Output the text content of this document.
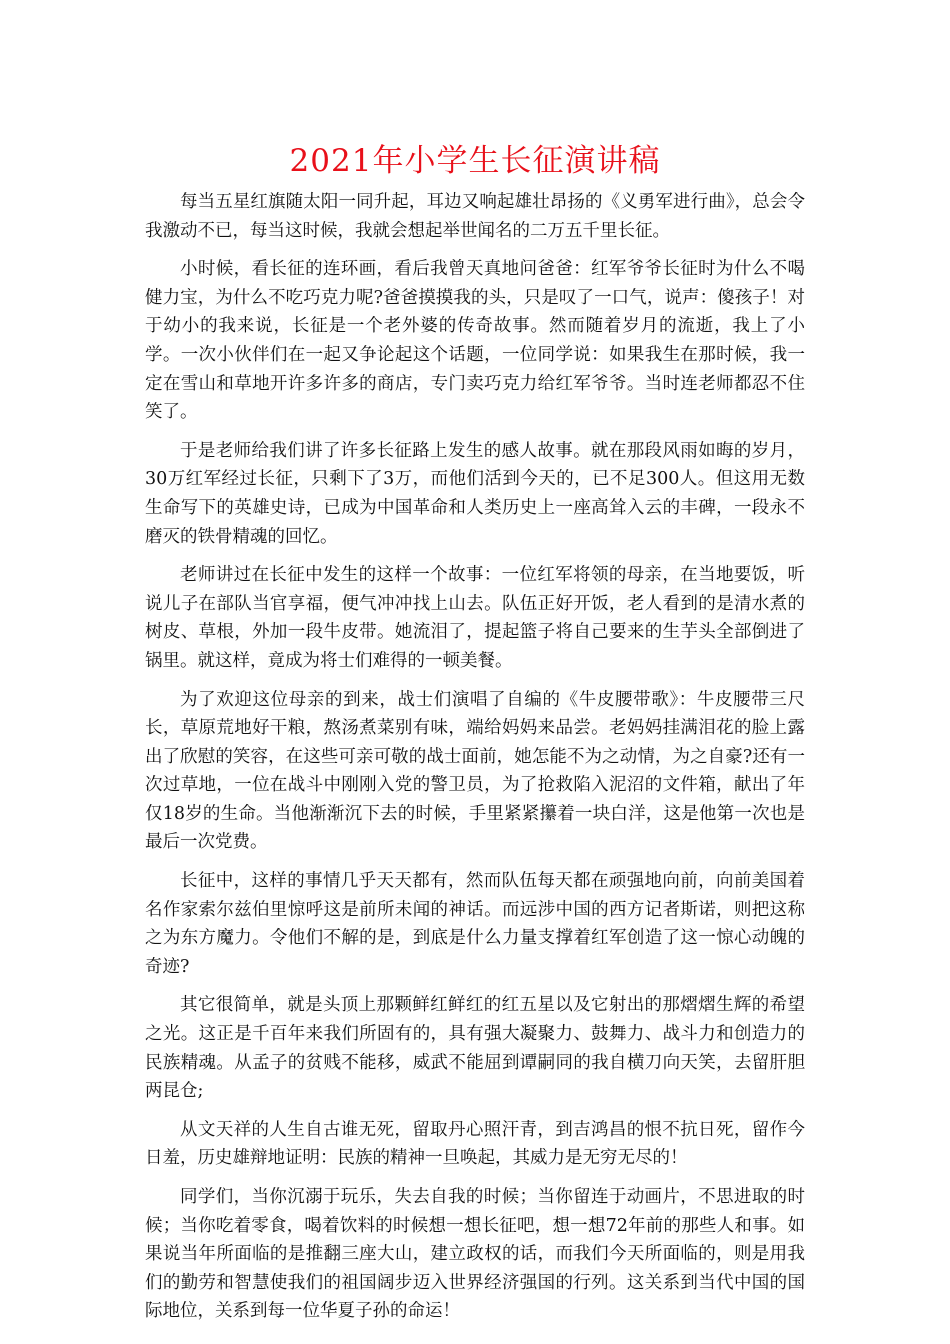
2021年小学生长征演讲稿

每当五星红旗随太阳一同升起，耳边又响起雄壮昂扬的《义勇军进行曲》，总会令我激动不已，每当这时候，我就会想起举世闻名的二万五千里长征。

小时候，看长征的连环画，看后我曾天真地问爸爸：红军爷爷长征时为什么不喝健力宝，为什么不吃巧克力呢?爸爸摸摸我的头，只是叹了一口气，说声：傻孩子！对于幼小的我来说，长征是一个老外婆的传奇故事。然而随着岁月的流逝，我上了小学。一次小伙伴们在一起又争论起这个话题，一位同学说：如果我生在那时候，我一定在雪山和草地开许多许多的商店，专门卖巧克力给红军爷爷。当时连老师都忍不住笑了。

于是老师给我们讲了许多长征路上发生的感人故事。就在那段风雨如晦的岁月，30万红军经过长征，只剩下了3万，而他们活到今天的，已不足300人。但这用无数生命写下的英雄史诗，已成为中国革命和人类历史上一座高耸入云的丰碑，一段永不磨灭的铁骨精魂的回忆。

老师讲过在长征中发生的这样一个故事：一位红军将领的母亲，在当地要饭，听说儿子在部队当官享福，便气冲冲找上山去。队伍正好开饭，老人看到的是清水煮的树皮、草根，外加一段牛皮带。她流泪了，提起篮子将自己要来的生芋头全部倒进了锅里。就这样，竟成为将士们难得的一顿美餐。

为了欢迎这位母亲的到来，战士们演唱了自编的《牛皮腰带歌》：牛皮腰带三尺长，草原荒地好干粮，熬汤煮菜别有味，端给妈妈来品尝。老妈妈挂满泪花的脸上露出了欣慰的笑容，在这些可亲可敬的战士面前，她怎能不为之动情，为之自豪?还有一次过草地，一位在战斗中刚刚入党的警卫员，为了抢救陷入泥沼的文件箱，献出了年仅18岁的生命。当他渐渐沉下去的时候，手里紧紧攥着一块白洋，这是他第一次也是最后一次党费。

长征中，这样的事情几乎天天都有，然而队伍每天都在顽强地向前，向前美国着名作家索尔兹伯里惊呼这是前所未闻的神话。而远涉中国的西方记者斯诺，则把这称之为东方魔力。令他们不解的是，到底是什么力量支撑着红军创造了这一惊心动魄的奇迹?

其它很简单，就是头顶上那颗鲜红鲜红的红五星以及它射出的那熠熠生辉的希望之光。这正是千百年来我们所固有的，具有强大凝聚力、鼓舞力、战斗力和创造力的民族精魂。从孟子的贫贱不能移，威武不能屈到谭嗣同的我自横刀向天笑，去留肝胆两昆仓;

从文天祥的人生自古谁无死，留取丹心照汗青，到吉鸿昌的恨不抗日死，留作今日羞，历史雄辩地证明：民族的精神一旦唤起，其威力是无穷无尽的！

同学们，当你沉溺于玩乐，失去自我的时候；当你留连于动画片，不思进取的时候；当你吃着零食，喝着饮料的时候想一想长征吧，想一想72年前的那些人和事。如果说当年所面临的是推翻三座大山，建立政权的话，而我们今天所面临的，则是用我们的勤劳和智慧使我们的祖国阔步迈入世界经济强国的行列。这关系到当代中国的国际地位，关系到每一位华夏子孙的命运！
